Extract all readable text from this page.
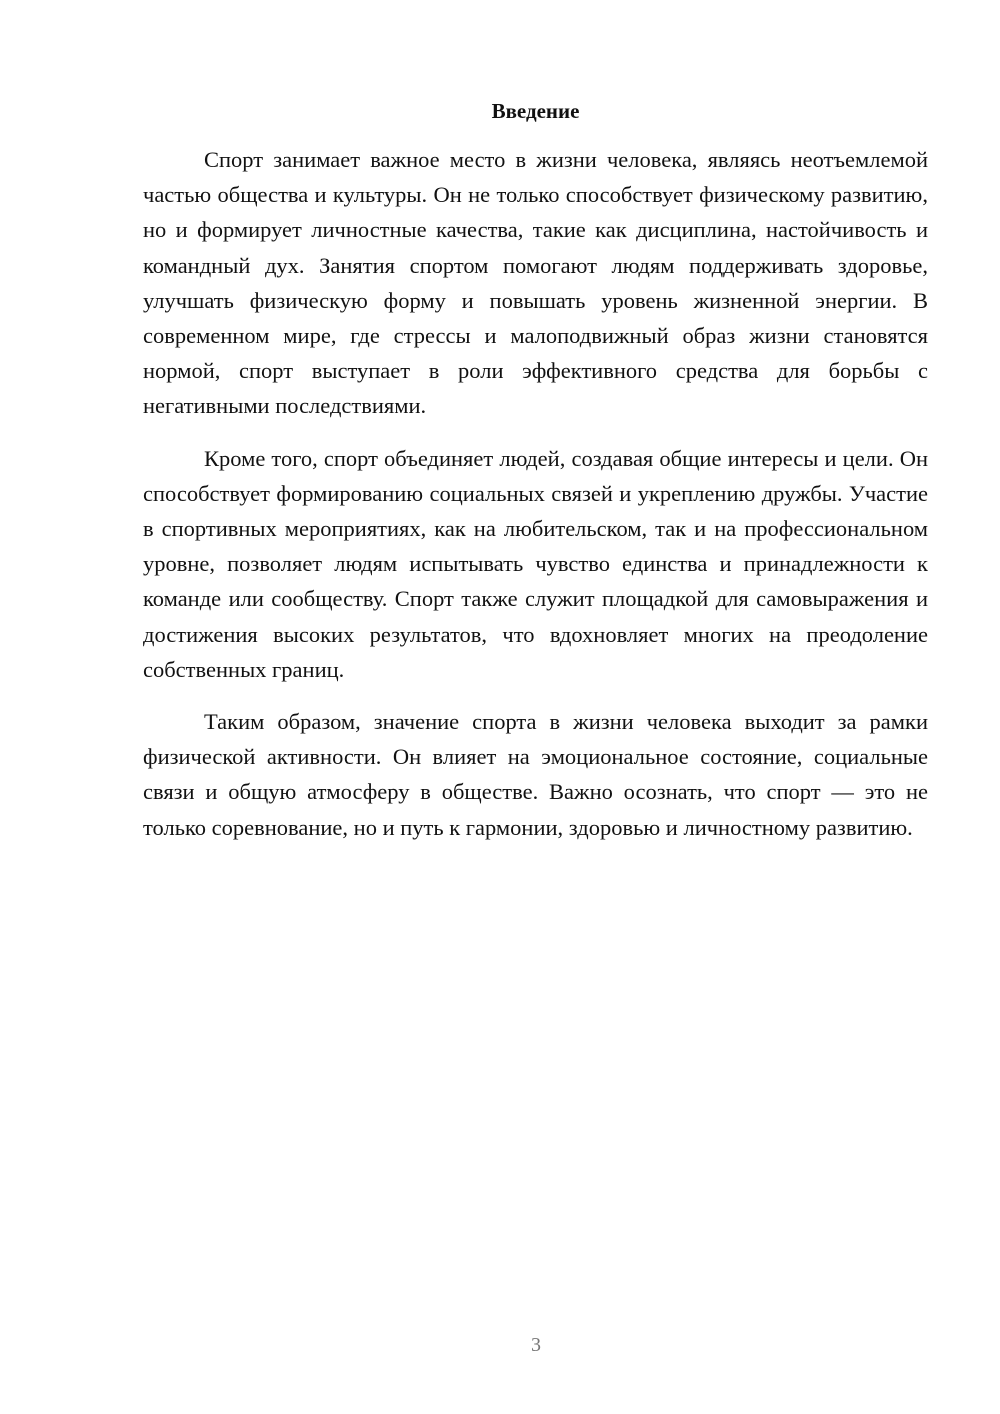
Введение

Спорт занимает важное место в жизни человека, являясь неотъемлемой частью общества и культуры. Он не только способствует физическому развитию, но и формирует личностные качества, такие как дисциплина, настойчивость и командный дух. Занятия спортом помогают людям поддерживать здоровье, улучшать физическую форму и повышать уровень жизненной энергии. В современном мире, где стрессы и малоподвижный образ жизни становятся нормой, спорт выступает в роли эффективного средства для борьбы с негативными последствиями.

Кроме того, спорт объединяет людей, создавая общие интересы и цели. Он способствует формированию социальных связей и укреплению дружбы. Участие в спортивных мероприятиях, как на любительском, так и на профессиональном уровне, позволяет людям испытывать чувство единства и принадлежности к команде или сообществу. Спорт также служит площадкой для самовыражения и достижения высоких результатов, что вдохновляет многих на преодоление собственных границ.

Таким образом, значение спорта в жизни человека выходит за рамки физической активности. Он влияет на эмоциональное состояние, социальные связи и общую атмосферу в обществе. Важно осознать, что спорт — это не только соревнование, но и путь к гармонии, здоровью и личностному развитию.

3
